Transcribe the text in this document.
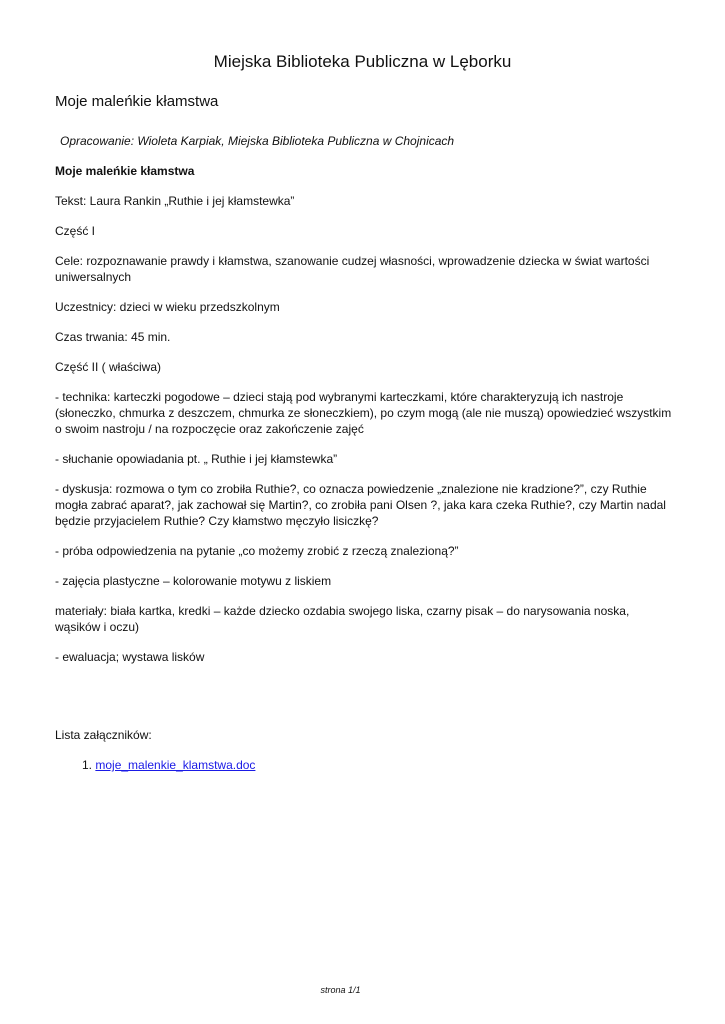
Miejska Biblioteka Publiczna w Lęborku
Moje maleńkie kłamstwa

Opracowanie: Wioleta Karpiak, Miejska Biblioteka Publiczna w Chojnicach

Moje maleńkie kłamstwa

Tekst: Laura Rankin „Ruthie i jej kłamstewka”

Część I

Cele: rozpoznawanie prawdy i kłamstwa, szanowanie cudzej własności, wprowadzenie dziecka w świat wartości uniwersalnych

Uczestnicy: dzieci w wieku przedszkolnym

Czas trwania: 45 min.

Część II ( właściwa)

- technika: karteczki pogodowe – dzieci stają pod wybranymi karteczkami, które charakteryzują ich nastroje (słoneczko, chmurka z deszczem, chmurka ze słoneczkiem), po czym mogą (ale nie muszą) opowiedzieć wszystkim o swoim nastroju / na rozpoczęcie oraz zakończenie zajęć

- słuchanie opowiadania pt. „ Ruthie i jej kłamstewka”

- dyskusja: rozmowa o tym co zrobiła Ruthie?, co oznacza powiedzenie „znalezione nie kradzione?”, czy Ruthie mogła zabrać aparat?, jak zachował się Martin?, co zrobiła pani Olsen ?, jaka kara czeka Ruthie?, czy Martin nadal będzie przyjacielem Ruthie? Czy kłamstwo męczyło lisiczkę?

- próba odpowiedzenia na pytanie „co możemy zrobić z rzeczą znalezioną?”

- zajęcia plastyczne – kolorowanie motywu z liskiem

materiały: biała kartka, kredki – każde dziecko ozdabia swojego liska, czarny pisak – do narysowania noska, wąsików i oczu)

- ewaluacja; wystawa lisków

Lista załączników:
1. moje_malenkie_klamstwa.doc
strona 1/1
